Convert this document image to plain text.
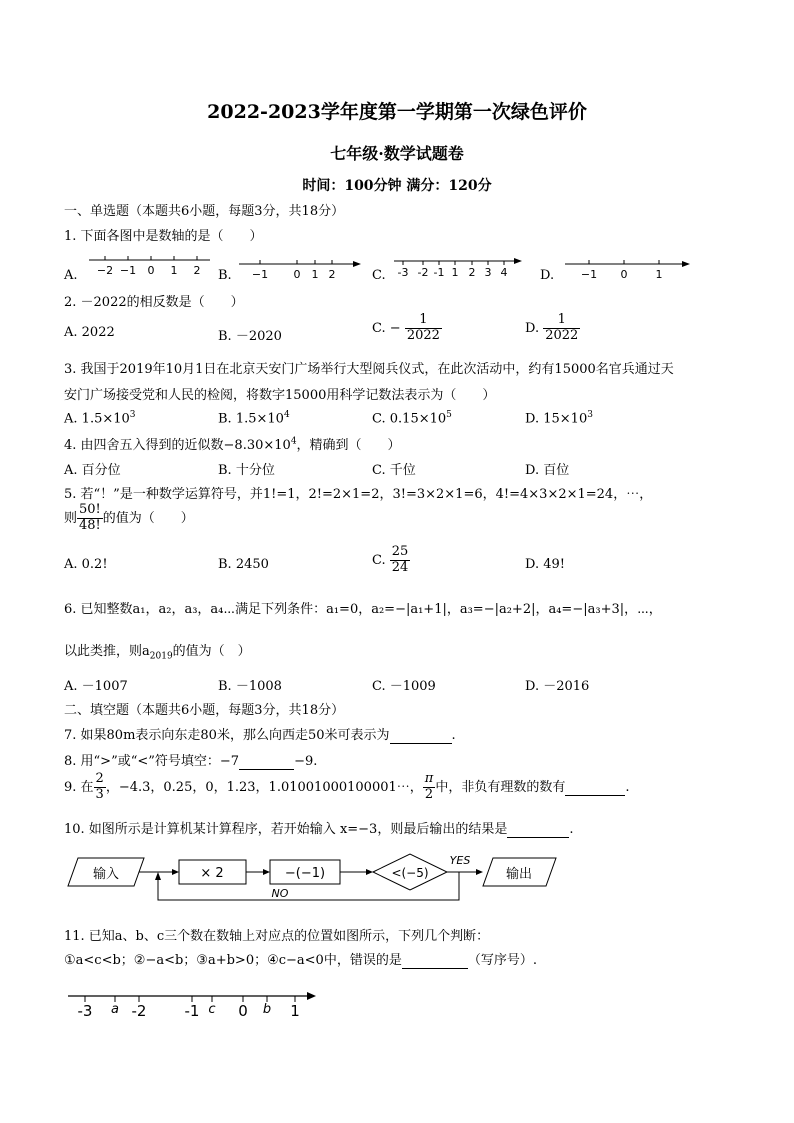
2022-2023学年度第一学期第一次绿色评价
七年级·数学试题卷
时间：100分钟 满分：120分
一、单选题（本题共6小题，每题3分，共18分）
1. 下面各图中是数轴的是（　　）
A.	B.	C.	D.
−2 −1 0 1 2	−1 0 1 2	-3 -2 -1 1 2 3 4	−1 0	1
2. －2022的相反数是（　　）
A. 2022	B. －2020
C. − $\frac{1}{2022}$	D. $\frac{1}{2022}$
3. 我国于2019年10月1日在北京天安门广场举行大型阅兵仪式，在此次活动中，约有15000名官兵通过天
安门广场接受党和人民的检阅，将数字15000用科学记数法表示为（　　）
A. $1.5\times 10^3$	B. $1.5\times 10^4$	C. $0.15\times 10^5$	D. $15\times 10^3$
4. 由四舍五入得到的近似数$-8.30\times 10^4$，精确到（　　）
A. 百分位	B. 十分位	C. 千位	D. 百位
5. 若“！”是一种数学运算符号，并1!=1，2!=2×1=2，3!=3×2×1=6，4!=4×3×2×1=24，⋯，
则 $\frac{50!}{48!}$ 的值为（　　）
A. 0.2!	B. 2450	C. $\frac{25}{24}$	D. 49!
6. 已知整数a₁，a₂，a₃，a₄⋯满足下列条件：a₁=0，a₂=−|a₁+1|，a₃=−|a₂+2|，a₄=−|a₃+3|，⋯，
以此类推，则$a_{2019}$的值为（　）
A. －1007	B. －1008	C. －1009	D. －2016
二、填空题（本题共6小题，每题3分，共18分）
7. 如果80m表示向东走80米，那么向西走50米可表示为	.
8. 用“>”或“<”符号填空：−7	−9.
9. 在 $\frac{2}{3}$ ，−4.3，0.25，0，1.23，1.01001000100001⋯， $\frac{\pi}{2}$ 中，非负有理数的数有	.
10. 如图所示是计算机某计算程序，若开始输入 x=−3，则最后输出的结果是	.
输入	× 2	−(−1)	<(−5)
YES
输出
NO
11. 已知a、b、c三个数在数轴上对应点的位置如图所示，下列几个判断：
①a<c<b；②−a<b；③a+b>0；④c−a<0中，错误的是	（写序号）.
-3	-2	-1	0	1
a	c	b
